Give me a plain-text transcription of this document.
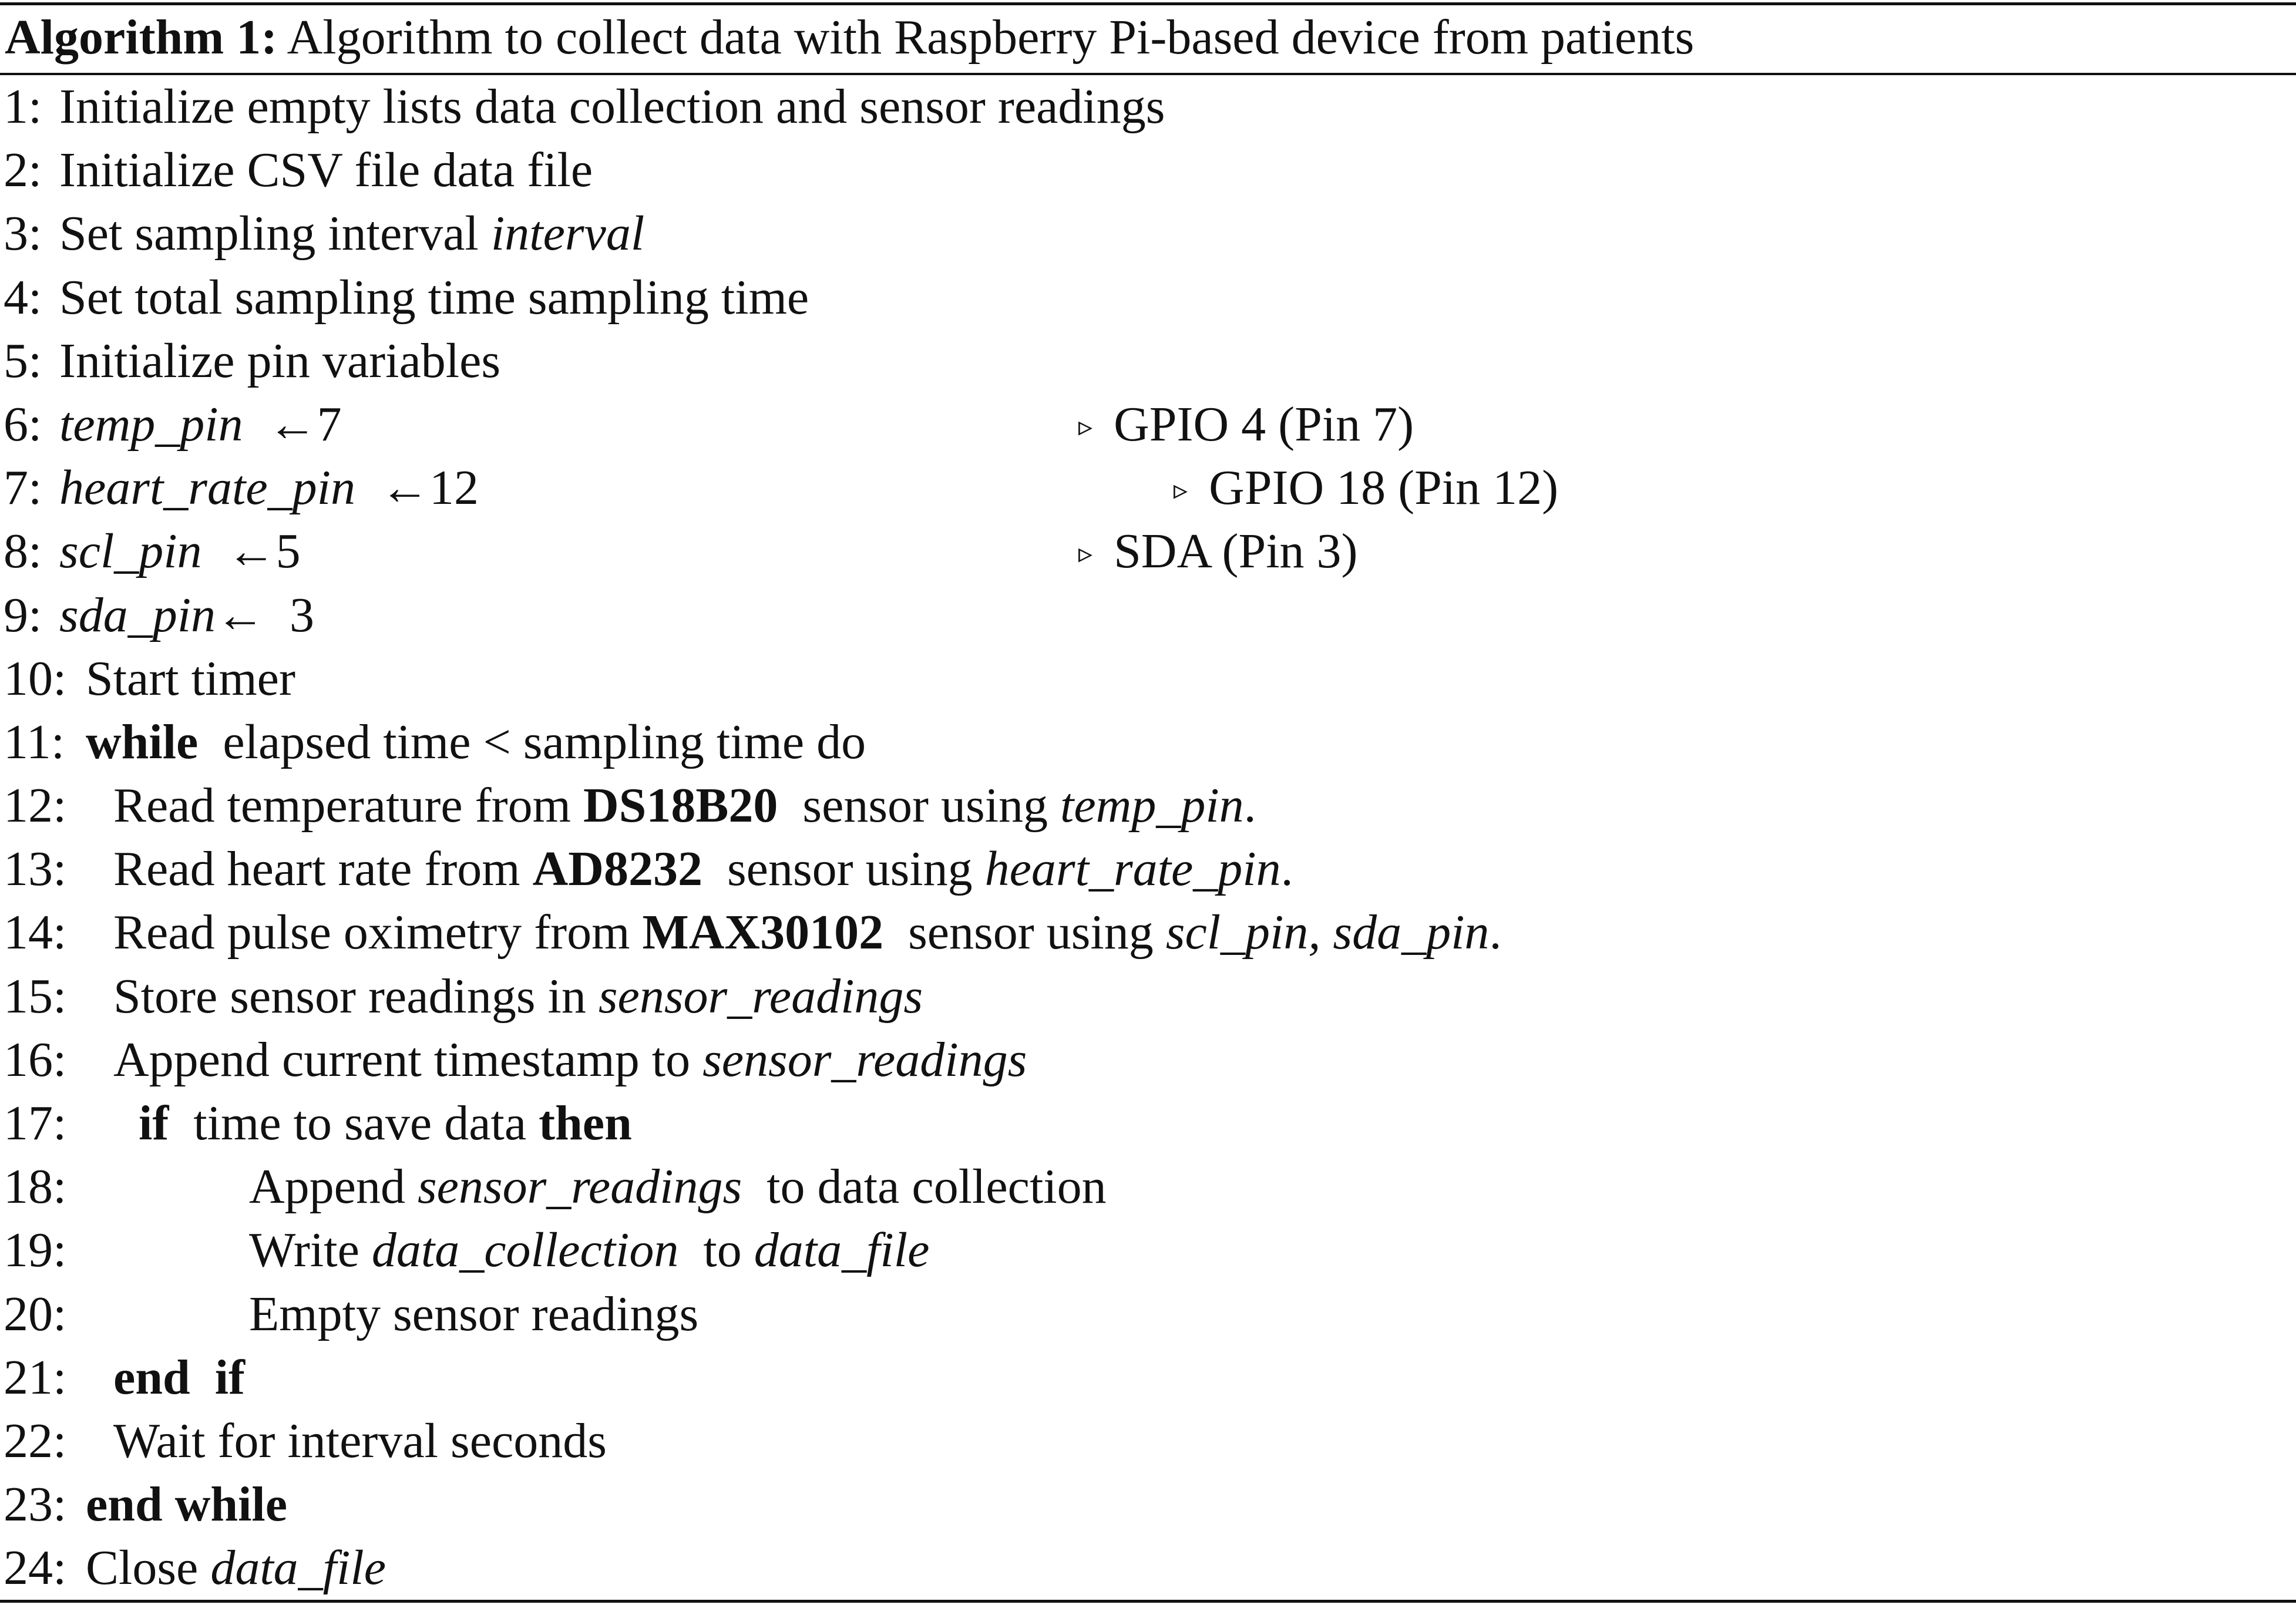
Algorithm 1: Algorithm to collect data with Raspberry Pi-based device from patients
1: Initialize empty lists data collection and sensor readings
2: Initialize CSV file data file
3: Set sampling interval interval
4: Set total sampling time sampling time
5: Initialize pin variables
6: temp_pin  ←7	▹ GPIO 4 (Pin 7)
7: heart_rate_pin  ←12	▹ GPIO 18 (Pin 12)
8: scl_pin  ←5	▹ SDA (Pin 3)
9: sda_pin←  3
10: Start timer
11: while  elapsed time < sampling time do
12: Read temperature from DS18B20  sensor using temp_pin.
13: Read heart rate from AD8232  sensor using heart_rate_pin.
14: Read pulse oximetry from MAX30102  sensor using scl_pin, sda_pin.
15: Store sensor readings in sensor_readings
16: Append current timestamp to sensor_readings
17: if  time to save data then
18:	Append sensor_readings  to data collection
19:	Write data_collection  to data_file
20:	Empty sensor readings
21: end  if
22: Wait for interval seconds
23: end while
24: Close data_file
